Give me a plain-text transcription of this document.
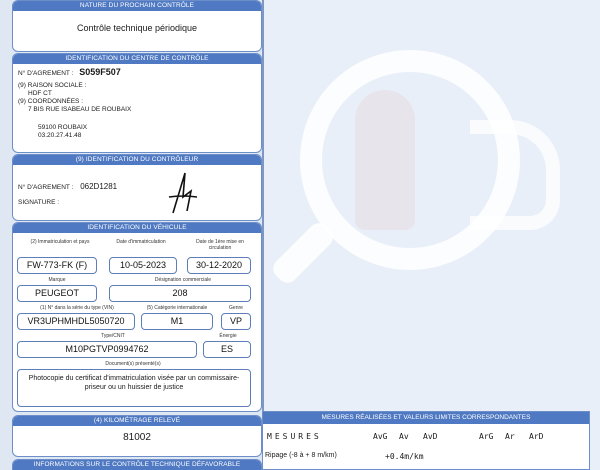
NATURE DU PROCHAIN CONTRÔLE
Contrôle technique périodique
IDENTIFICATION DU CENTRE DE CONTRÔLE
N° D'AGREMENT : S059F507
(9) RAISON SOCIALE :
HDF CT
(9) COORDONNÉES :
7 BIS RUE ISABEAU DE ROUBAIX
59100 ROUBAIX
03.20.27.41.48
(9) IDENTIFICATION DU CONTRÔLEUR
N° D'AGREMENT : 062D1281
SIGNATURE :
IDENTIFICATION DU VÉHICULE
(2) Immatriculation et pays	Date d'immatriculation	Date de 1ère mise en circulation
FW-773-FK (F)	10-05-2023	30-12-2020
Marque	Désignation commerciale
PEUGEOT	208
(1) N° dans la série du type (VIN)	(5) Catégorie internationale	Genre
VR3UPHMHDL5050720	M1	VP
Type/CNIT	Énergie
M10PGTVP0994762	ES
Document(s) présenté(s)
Photocopie du certificat d'immatriculation visée par un commissaire-priseur ou un huissier de justice
(4) KILOMÉTRAGE RELEVÉ
81002
INFORMATIONS SUR LE CONTRÔLE TECHNIQUE DÉFAVORABLE
MESURES RÉALISÉES ET VALEURS LIMITES CORRESPONDANTES
MESURES	AvG Av AvD	ArG Ar ArD
Ripage (-8 à + 8 m/km)	+0.4m/km
